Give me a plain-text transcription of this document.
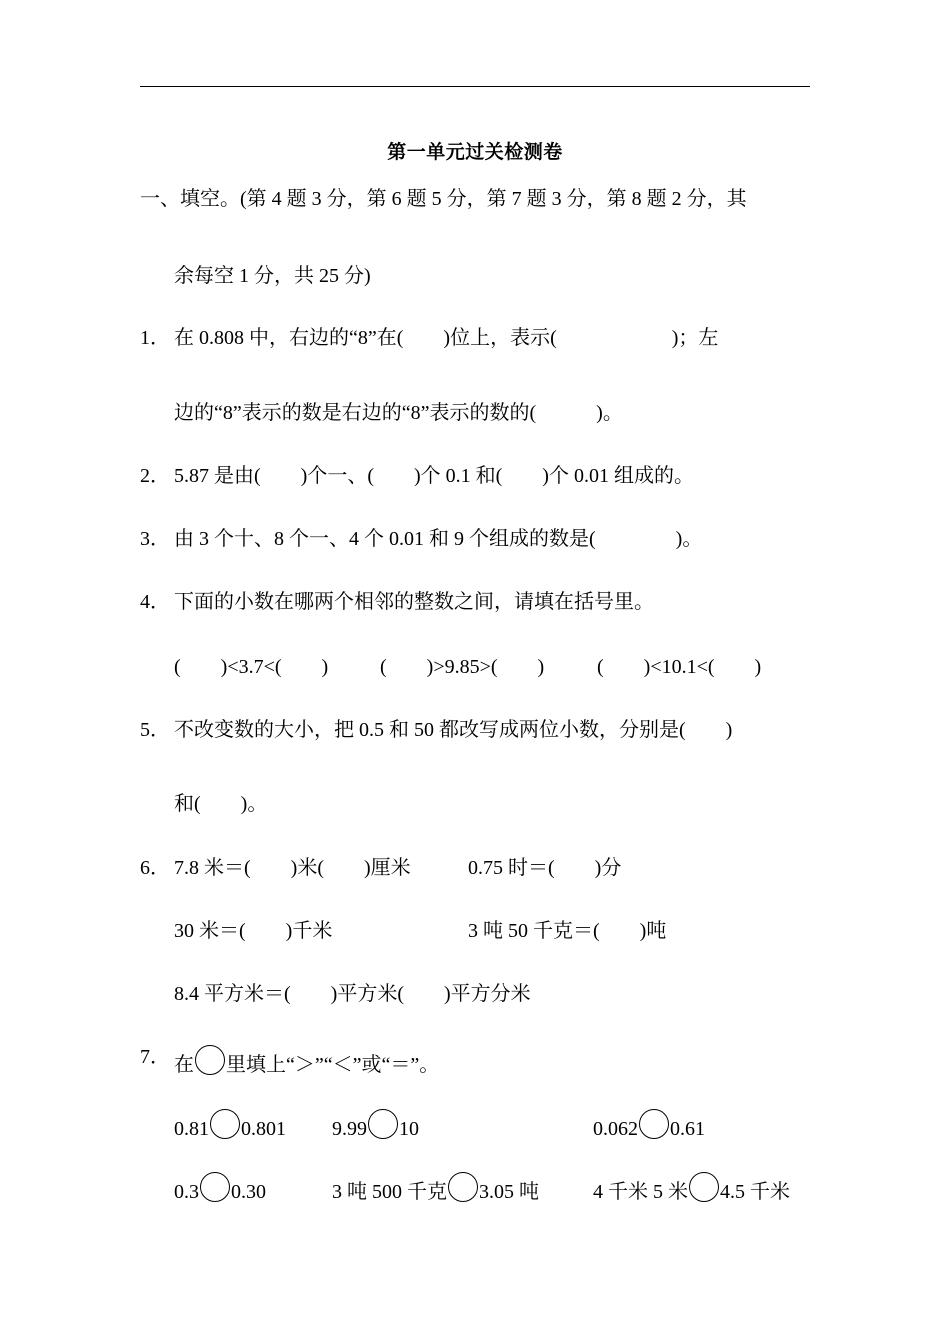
第一单元过关检测卷
一、填空。(第 4 题 3 分，第 6 题 5 分，第 7 题 3 分，第 8 题 2 分，其
余每空 1 分，共 25 分)
1． 在 0.808 中，右边的“8”在(        )位上，表示(                       )；左
边的“8”表示的数是右边的“8”表示的数的(            )。
2． 5.87 是由(        )个一、(        )个 0.1 和(        )个 0.01 组成的。
3． 由 3 个十、8 个一、4 个 0.01 和 9 个组成的数是(                )。
4． 下面的小数在哪两个相邻的整数之间，请填在括号里。
(        )<3.7<(        )	(        )>9.85>(        )	(        )<10.1<(        )
5． 不改变数的大小，把 0.5 和 50 都改写成两位小数，分别是(        )
和(        )。
6． 7.8 米＝(        )米(        )厘米	0.75 时＝(        )分
30 米＝(        )千米	3 吨 50 千克＝(        )吨
8.4 平方米＝(        )平方米(        )平方分米
7． 在 里填上“＞”“＜”或“＝”。
0.81 0.801 9.99 10	0.062 0.61
0.3 0.30	3 吨 500 千克 3.05 吨	4 千米 5 米 4.5 千米
